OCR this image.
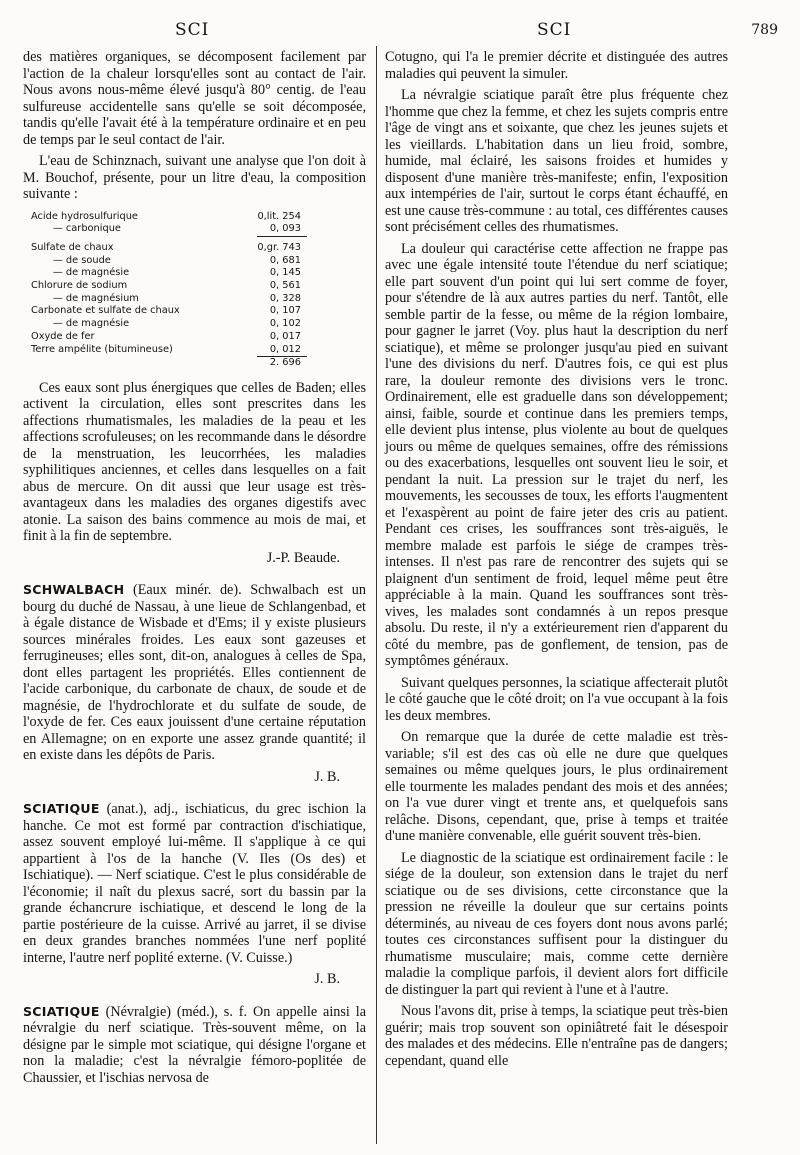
SCI	SCI	789

des matières organiques, se décomposent facilement par l'action de la chaleur lorsqu'elles sont au contact de l'air. Nous avons nous-même élevé jusqu'à 80° centig. de l'eau sulfureuse accidentelle sans qu'elle se soit décomposée, tandis qu'elle l'avait été à la température ordinaire et en peu de temps par le seul contact de l'air.

L'eau de Schinznach, suivant une analyse que l'on doit à M. Bouchof, présente, pour un litre d'eau, la composition suivante :

Acide hydrosulfurique	0,lit. 254
— carbonique	0, 093
Sulfate de chaux	0,gr. 743
— de soude	0, 681
— de magnésie	0, 145
Chlorure de sodium	0, 561
— de magnésium	0, 328
Carbonate et sulfate de chaux	0, 107
— de magnésie	0, 102
Oxyde de fer	0, 017
Terre ampélite (bitumineuse)	0, 012
	2. 696

Ces eaux sont plus énergiques que celles de Baden; elles activent la circulation, elles sont prescrites dans les affections rhumatismales, les maladies de la peau et les affections scrofuleuses; on les recommande dans le désordre de la menstruation, les leucorrhées, les maladies syphilitiques anciennes, et celles dans lesquelles on a fait abus de mercure. On dit aussi que leur usage est très-avantageux dans les maladies des organes digestifs avec atonie. La saison des bains commence au mois de mai, et finit à la fin de septembre.

J.-P. Beaude.

SCHWALBACH (Eaux minér. de). Schwalbach est un bourg du duché de Nassau, à une lieue de Schlangenbad, et à égale distance de Wisbade et d'Ems; il y existe plusieurs sources minérales froides. Les eaux sont gazeuses et ferrugineuses; elles sont, dit-on, analogues à celles de Spa, dont elles partagent les propriétés. Elles contiennent de l'acide carbonique, du carbonate de chaux, de soude et de magnésie, de l'hydrochlorate et du sulfate de soude, de l'oxyde de fer. Ces eaux jouissent d'une certaine réputation en Allemagne; on en exporte une assez grande quantité; il en existe dans les dépôts de Paris.

J. B.

SCIATIQUE (anat.), adj., ischiaticus, du grec ischion la hanche. Ce mot est formé par contraction d'ischiatique, assez souvent employé lui-même. Il s'applique à ce qui appartient à l'os de la hanche (V. Iles (Os des) et Ischiatique). — Nerf sciatique. C'est le plus considérable de l'économie; il naît du plexus sacré, sort du bassin par la grande échancrure ischiatique, et descend le long de la partie postérieure de la cuisse. Arrivé au jarret, il se divise en deux grandes branches nommées l'une nerf poplité interne, l'autre nerf poplité externe. (V. Cuisse.)

J. B.

SCIATIQUE (Névralgie) (méd.), s. f. On appelle ainsi la névralgie du nerf sciatique. Très-souvent même, on la désigne par le simple mot sciatique, qui désigne l'organe et non la maladie; c'est la névralgie fémoro-poplitée de Chaussier, et l'ischias nervosa de

Cotugno, qui l'a le premier décrite et distinguée des autres maladies qui peuvent la simuler.

La névralgie sciatique paraît être plus fréquente chez l'homme que chez la femme, et chez les sujets compris entre l'âge de vingt ans et soixante, que chez les jeunes sujets et les vieillards. L'habitation dans un lieu froid, sombre, humide, mal éclairé, les saisons froides et humides y disposent d'une manière très-manifeste; enfin, l'exposition aux intempéries de l'air, surtout le corps étant échauffé, en est une cause très-commune : au total, ces différentes causes sont précisément celles des rhumatismes.

La douleur qui caractérise cette affection ne frappe pas avec une égale intensité toute l'étendue du nerf sciatique; elle part souvent d'un point qui lui sert comme de foyer, pour s'étendre de là aux autres parties du nerf. Tantôt, elle semble partir de la fesse, ou même de la région lombaire, pour gagner le jarret (Voy. plus haut la description du nerf sciatique), et même se prolonger jusqu'au pied en suivant l'une des divisions du nerf. D'autres fois, ce qui est plus rare, la douleur remonte des divisions vers le tronc. Ordinairement, elle est graduelle dans son développement; ainsi, faible, sourde et continue dans les premiers temps, elle devient plus intense, plus violente au bout de quelques jours ou même de quelques semaines, offre des rémissions ou des exacerbations, lesquelles ont souvent lieu le soir, et pendant la nuit. La pression sur le trajet du nerf, les mouvements, les secousses de toux, les efforts l'augmentent et l'exaspèrent au point de faire jeter des cris au patient. Pendant ces crises, les souffrances sont très-aiguës, le membre malade est parfois le siége de crampes très-intenses. Il n'est pas rare de rencontrer des sujets qui se plaignent d'un sentiment de froid, lequel même peut être appréciable à la main. Quand les souffrances sont très-vives, les malades sont condamnés à un repos presque absolu. Du reste, il n'y a extérieurement rien d'apparent du côté du membre, pas de gonflement, de tension, pas de symptômes généraux.

Suivant quelques personnes, la sciatique affecterait plutôt le côté gauche que le côté droit; on l'a vue occupant à la fois les deux membres.

On remarque que la durée de cette maladie est très-variable; s'il est des cas où elle ne dure que quelques semaines ou même quelques jours, le plus ordinairement elle tourmente les malades pendant des mois et des années; on l'a vue durer vingt et trente ans, et quelquefois sans relâche. Disons, cependant, que, prise à temps et traitée d'une manière convenable, elle guérit souvent très-bien.

Le diagnostic de la sciatique est ordinairement facile : le siége de la douleur, son extension dans le trajet du nerf sciatique ou de ses divisions, cette circonstance que la pression ne réveille la douleur que sur certains points déterminés, au niveau de ces foyers dont nous avons parlé; toutes ces circonstances suffisent pour la distinguer du rhumatisme musculaire; mais, comme cette dernière maladie la complique parfois, il devient alors fort difficile de distinguer la part qui revient à l'une et à l'autre.

Nous l'avons dit, prise à temps, la sciatique peut très-bien guérir; mais trop souvent son opiniâtreté fait le désespoir des malades et des médecins. Elle n'entraîne pas de dangers; cependant, quand elle
